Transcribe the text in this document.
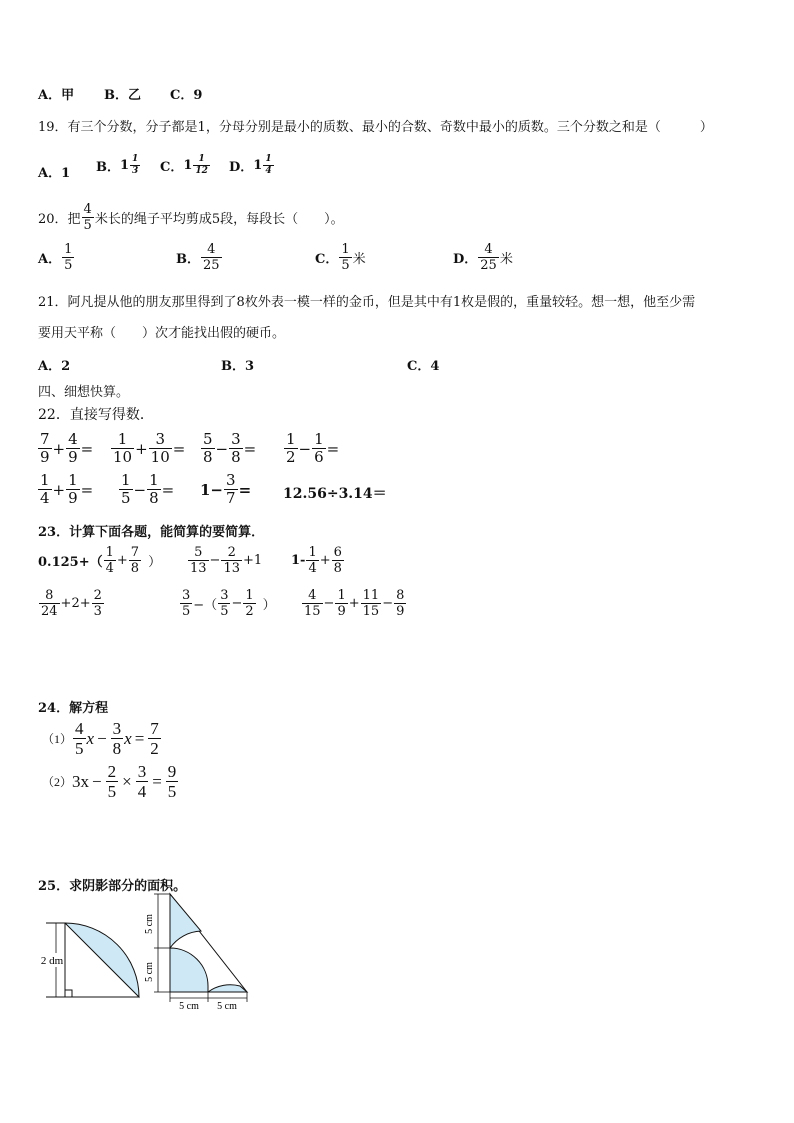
A．甲 B．乙 C．9
19．有三个分数，分子都是1，分母分别是最小的质数、最小的合数、奇数中最小的质数。三个分数之和是（　　　）
A．1 B． $1 \frac{1}{3}$ C． $1 \frac{1}{12}$ D． $1 \frac{1}{4}$
20．把 $\frac{4}{5}$ 米长的绳子平均剪成5段，每段长（　　）。
A． $\frac{1}{5}$	B． $\frac{4}{25}$	C． $\frac{1}{5}$ 米	D． $\frac{4}{25}$ 米
21．阿凡提从他的朋友那里得到了8枚外表一模一样的金币，但是其中有1枚是假的，重量较轻。想一想，他至少需
要用天平称（　　）次才能找出假的硬币。
A．2	B．3	C．4
四、细想快算。
22．直接写得数．
$\frac{7}{9} + \frac{4}{9} = \frac{1}{10} + \frac{3}{10} = \frac{5}{8} - \frac{3}{8} = \frac{1}{2} - \frac{1}{6}$ =
$\frac{1}{4} + \frac{1}{9} = \frac{1}{5} - \frac{1}{8} = 1- \frac{3}{7} = 12.56\div 3.14=$
23．计算下面各题，能简算的要简算．
$0.125+( \frac{1}{4} + \frac{7}{8}$ ） $\frac{5}{13} - \frac{2}{13} +1$ $1- \frac{1}{4} + \frac{6}{8}$
$\frac{8}{24} +2+ \frac{2}{3}$	$\frac{3}{5}$ −（ $\frac{3}{5} - \frac{1}{2}$ ） $\frac{4}{15} - \frac{1}{9} + \frac{11}{15} - \frac{8}{9}$
24．解方程
$(1) \frac{4}{5}$ $x - \frac{3}{8}$ $x = \frac{7}{2}$
（2） $3x - \frac{2}{5} \times \frac{3}{4} = \frac{9}{5}$
25．求阴影部分的面积。
2 dm
5 cm
5 cm
5 cm 5 cm
